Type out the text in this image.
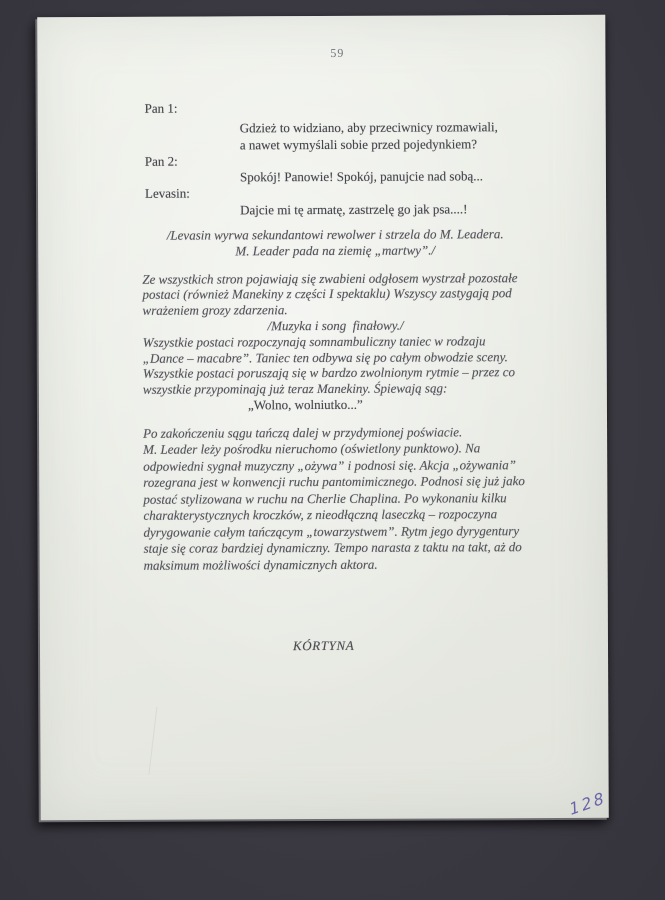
59
Pan 1:
Gdzież to widziano, aby przeciwnicy rozmawiali,
a nawet wymyślali sobie przed pojedynkiem?
Pan 2:
Spokój! Panowie! Spokój, panujcie nad sobą...
Levasin:
Dajcie mi tę armatę, zastrzelę go jak psa....!
/Levasin wyrwa sekundantowi rewolwer i strzela do M. Leadera.
M. Leader pada na ziemię „martwy”./
Ze wszystkich stron pojawiają się zwabieni odgłosem wystrzał pozostałe
postaci (również Manekiny z części I spektaklu) Wszyscy zastygają pod
wrażeniem grozy zdarzenia.
/Muzyka i song  finałowy./
Wszystkie postaci rozpoczynają somnambuliczny taniec w rodzaju
„Dance – macabre”. Taniec ten odbywa się po całym obwodzie sceny.
Wszystkie postaci poruszają się w bardzo zwolnionym rytmie – przez co
wszystkie przypominają już teraz Manekiny. Śpiewają sąg:
„Wolno, wolniutko...”
Po zakończeniu sągu tańczą dalej w przydymionej poświacie.
M. Leader leży pośrodku nieruchomo (oświetlony punktowo). Na
odpowiedni sygnał muzyczny „ożywa” i podnosi się. Akcja „ożywania”
rozegrana jest w konwencji ruchu pantomimicznego. Podnosi się już jako
postać stylizowana w ruchu na Cherlie Chaplina. Po wykonaniu kilku
charakterystycznych kroczków, z nieodłączną laseczką – rozpoczyna
dyrygowanie całym tańczącym „towarzystwem”. Rytm jego dyrygentury
staje się coraz bardziej dynamiczny. Tempo narasta z taktu na takt, aż do
maksimum możliwości dynamicznych aktora.
KÓRTYNA
128
